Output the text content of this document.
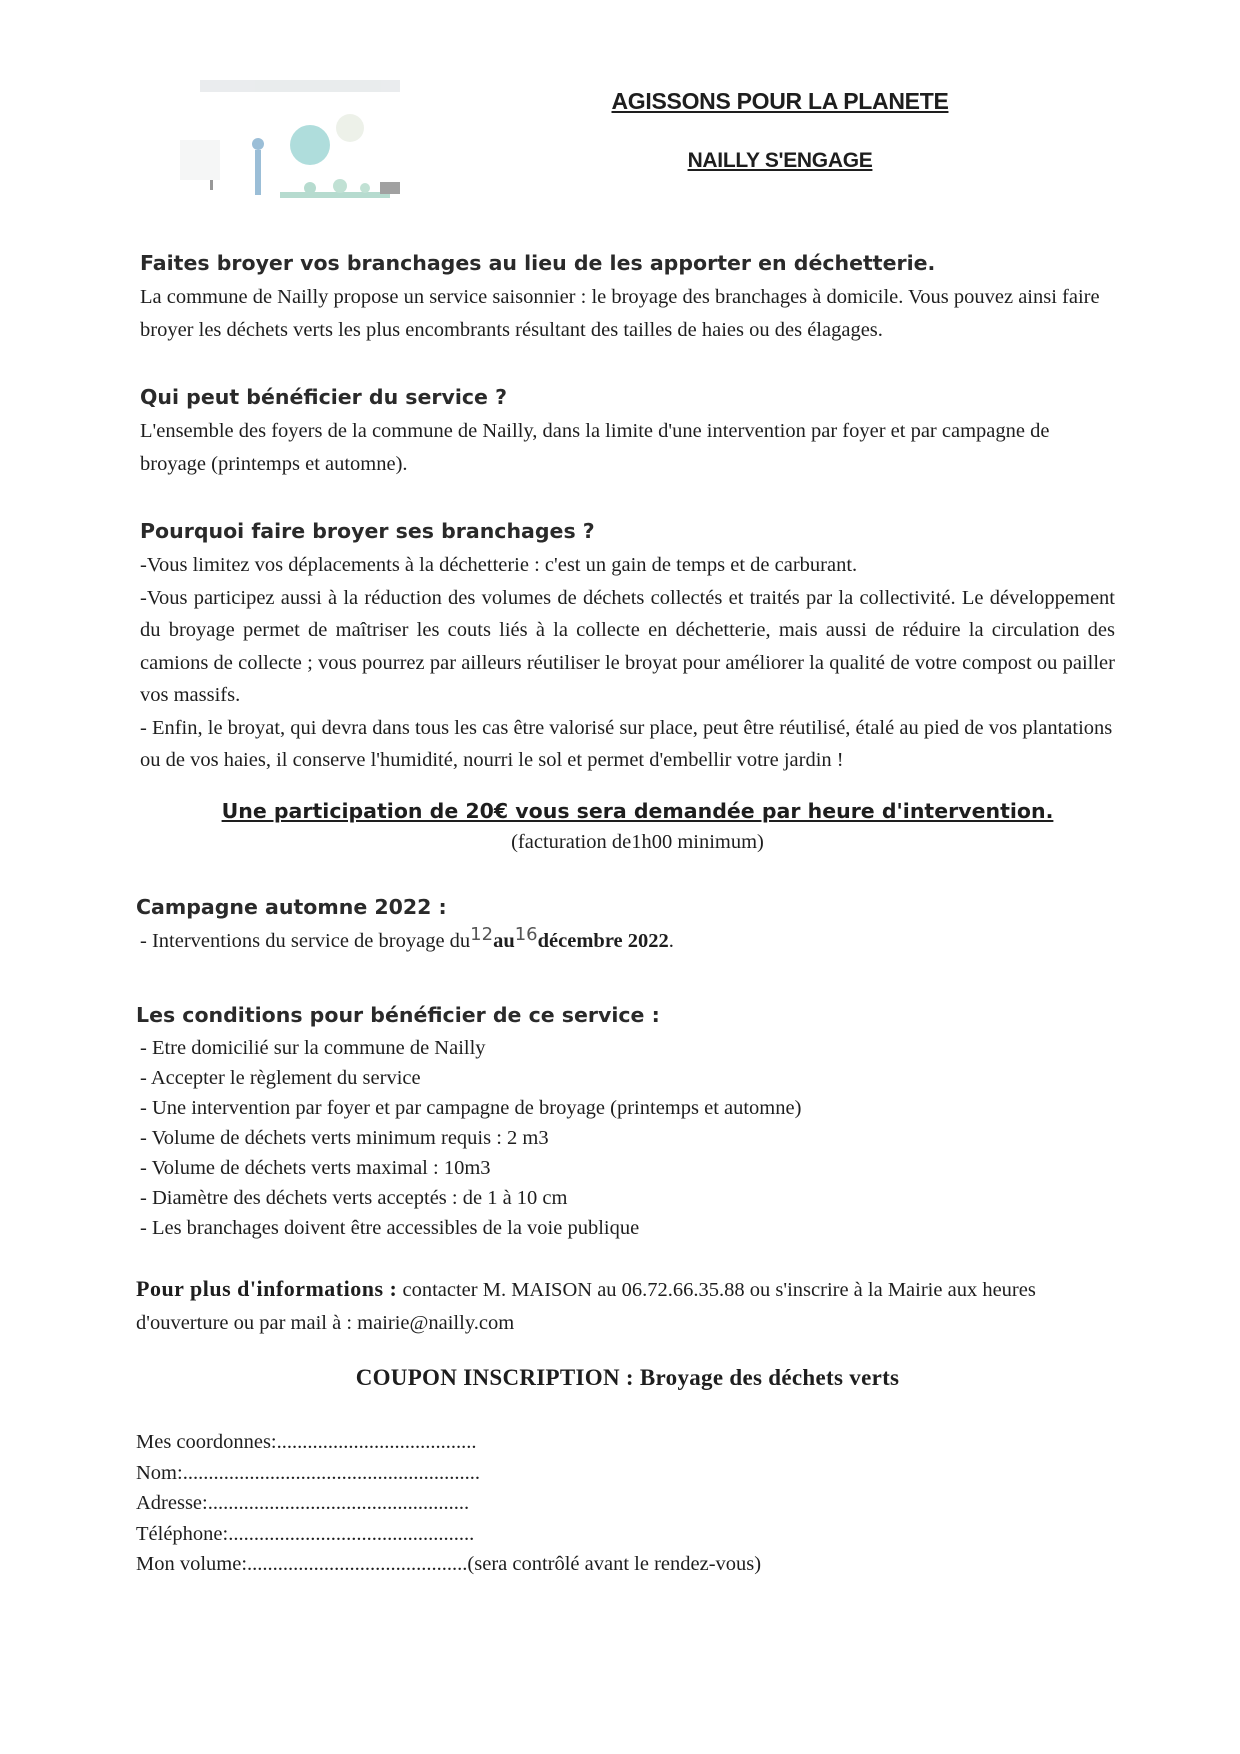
AGISSONS POUR LA PLANETE
NAILLY S'ENGAGE
Faites broyer vos branchages au lieu de les apporter en déchetterie.

La commune de Nailly propose un service saisonnier : le broyage des branchages à domicile. Vous pouvez ainsi faire broyer les déchets verts les plus encombrants résultant des tailles de haies ou des élagages.

Qui peut bénéficier du service ?

L'ensemble des foyers de la commune de Nailly, dans la limite d'une intervention par foyer et par campagne de broyage (printemps et automne).

Pourquoi faire broyer ses branchages ?

-Vous limitez vos déplacements à la déchetterie : c'est un gain de temps et de carburant.

-Vous participez aussi à la réduction des volumes de déchets collectés et traités par la collectivité. Le développement du broyage permet de maîtriser les couts liés à la collecte en déchetterie, mais aussi de réduire la circulation des camions de collecte ; vous pourrez par ailleurs réutiliser le broyat pour améliorer la qualité de votre compost ou pailler vos massifs.

- Enfin, le broyat, qui devra dans tous les cas être valorisé sur place, peut être réutilisé, étalé au pied de vos plantations ou de vos haies, il conserve l'humidité, nourri le sol et permet d'embellir votre jardin !

Une participation de 20€ vous sera demandée par heure d'intervention.
(facturation de1h00 minimum)
Campagne automne 2022 :

- Interventions du service de broyage du12au16décembre 2022.

Les conditions pour bénéficier de ce service :
- Etre domicilié sur la commune de Nailly
- Accepter le règlement du service
- Une intervention par foyer et par campagne de broyage (printemps et automne)
- Volume de déchets verts minimum requis : 2 m3
- Volume de déchets verts maximal : 10m3
- Diamètre des déchets verts acceptés : de 1 à 10 cm
- Les branchages doivent être accessibles de la voie publique

Pour plus d'informations : contacter M. MAISON au 06.72.66.35.88 ou s'inscrire à la Mairie aux heures d'ouverture ou par mail à : mairie@nailly.com

COUPON INSCRIPTION : Broyage des déchets verts
Mes coordonnes:.......................................
Nom:..........................................................
Adresse:...................................................
Téléphone:................................................
Mon volume:...........................................(sera contrôlé avant le rendez-vous)
